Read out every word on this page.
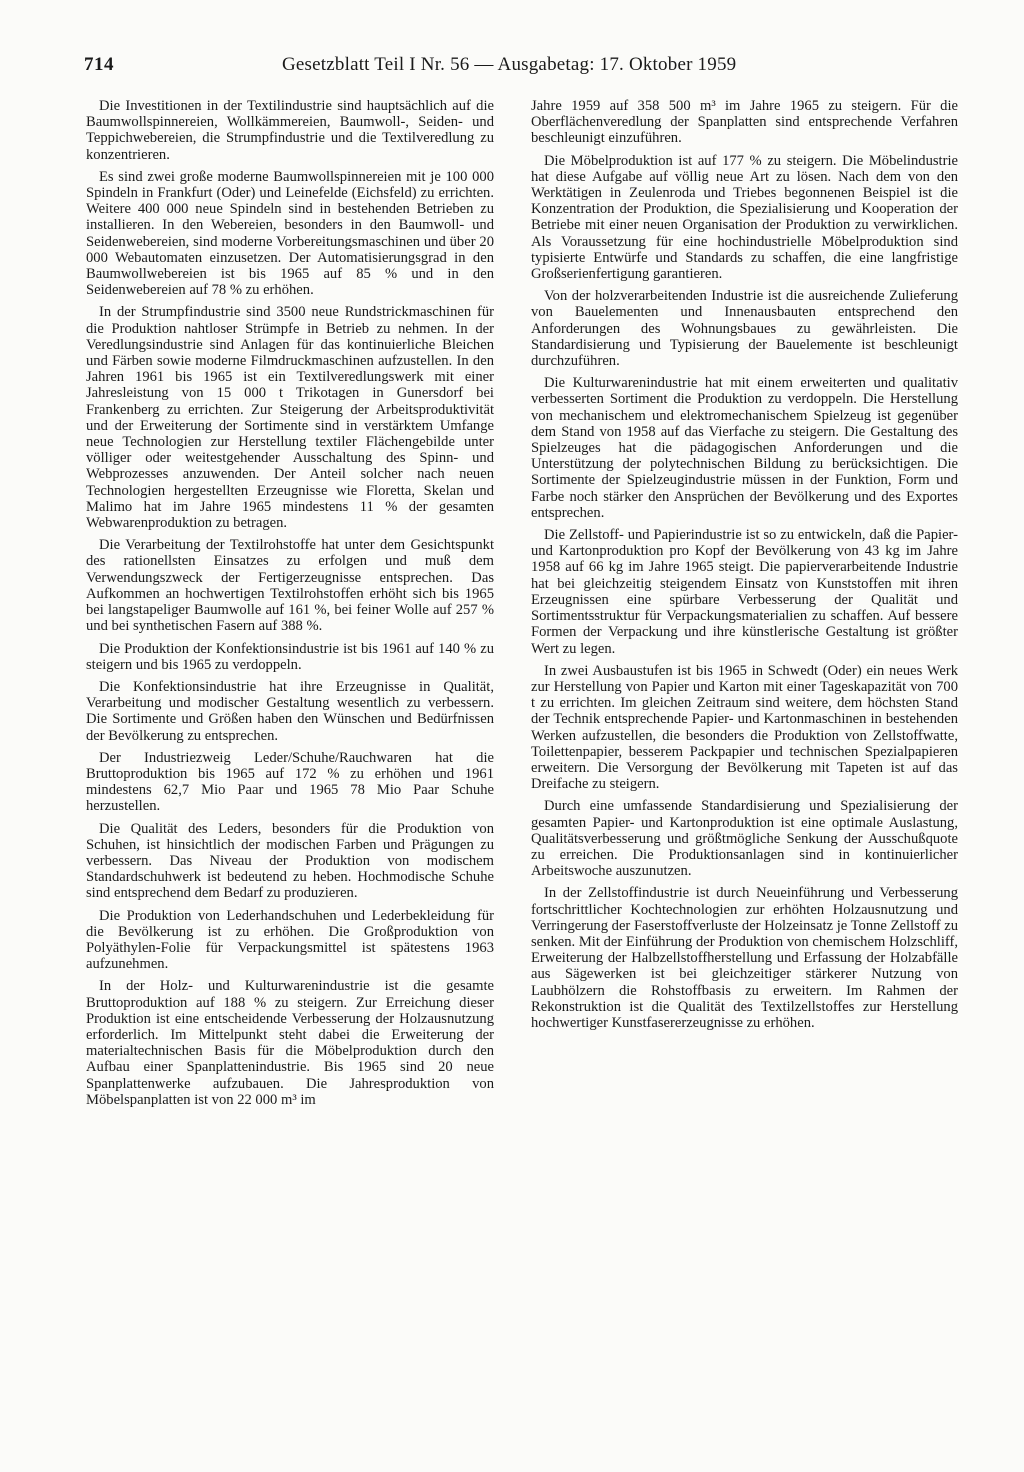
714	Gesetzblatt Teil I Nr. 56 — Ausgabetag: 17. Oktober 1959

Die Investitionen in der Textilindustrie sind hauptsächlich auf die Baumwollspinnereien, Wollkämmereien, Baumwoll-, Seiden- und Teppichwebereien, die Strumpfindustrie und die Textilveredlung zu konzentrieren.

Es sind zwei große moderne Baumwollspinnereien mit je 100 000 Spindeln in Frankfurt (Oder) und Leinefelde (Eichsfeld) zu errichten. Weitere 400 000 neue Spindeln sind in bestehenden Betrieben zu installieren. In den Webereien, besonders in den Baumwoll- und Seidenwebereien, sind moderne Vorbereitungsmaschinen und über 20 000 Webautomaten einzusetzen. Der Automatisierungsgrad in den Baumwollwebereien ist bis 1965 auf 85 % und in den Seidenwebereien auf 78 % zu erhöhen.

In der Strumpfindustrie sind 3500 neue Rundstrickmaschinen für die Produktion nahtloser Strümpfe in Betrieb zu nehmen. In der Veredlungsindustrie sind Anlagen für das kontinuierliche Bleichen und Färben sowie moderne Filmdruckmaschinen aufzustellen. In den Jahren 1961 bis 1965 ist ein Textilveredlungswerk mit einer Jahresleistung von 15 000 t Trikotagen in Gunersdorf bei Frankenberg zu errichten. Zur Steigerung der Arbeitsproduktivität und der Erweiterung der Sortimente sind in verstärktem Umfange neue Technologien zur Herstellung textiler Flächengebilde unter völliger oder weitestgehender Ausschaltung des Spinn- und Webprozesses anzuwenden. Der Anteil solcher nach neuen Technologien hergestellten Erzeugnisse wie Floretta, Skelan und Malimo hat im Jahre 1965 mindestens 11 % der gesamten Webwarenproduktion zu betragen.

Die Verarbeitung der Textilrohstoffe hat unter dem Gesichtspunkt des rationellsten Einsatzes zu erfolgen und muß dem Verwendungszweck der Fertigerzeugnisse entsprechen. Das Aufkommen an hochwertigen Textilrohstoffen erhöht sich bis 1965 bei langstapeliger Baumwolle auf 161 %, bei feiner Wolle auf 257 % und bei synthetischen Fasern auf 388 %.

Die Produktion der Konfektionsindustrie ist bis 1961 auf 140 % zu steigern und bis 1965 zu verdoppeln.

Die Konfektionsindustrie hat ihre Erzeugnisse in Qualität, Verarbeitung und modischer Gestaltung wesentlich zu verbessern. Die Sortimente und Größen haben den Wünschen und Bedürfnissen der Bevölkerung zu entsprechen.

Der Industriezweig Leder/Schuhe/Rauchwaren hat die Bruttoproduktion bis 1965 auf 172 % zu erhöhen und 1961 mindestens 62,7 Mio Paar und 1965 78 Mio Paar Schuhe herzustellen.

Die Qualität des Leders, besonders für die Produktion von Schuhen, ist hinsichtlich der modischen Farben und Prägungen zu verbessern. Das Niveau der Produktion von modischem Standardschuhwerk ist bedeutend zu heben. Hochmodische Schuhe sind entsprechend dem Bedarf zu produzieren.

Die Produktion von Lederhandschuhen und Lederbekleidung für die Bevölkerung ist zu erhöhen. Die Großproduktion von Polyäthylen-Folie für Verpackungsmittel ist spätestens 1963 aufzunehmen.

In der Holz- und Kulturwarenindustrie ist die gesamte Bruttoproduktion auf 188 % zu steigern. Zur Erreichung dieser Produktion ist eine entscheidende Verbesserung der Holzausnutzung erforderlich. Im Mittelpunkt steht dabei die Erweiterung der materialtechnischen Basis für die Möbelproduktion durch den Aufbau einer Spanplattenindustrie. Bis 1965 sind 20 neue Spanplattenwerke aufzubauen. Die Jahresproduktion von Möbelspanplatten ist von 22 000 m³ im

Jahre 1959 auf 358 500 m³ im Jahre 1965 zu steigern. Für die Oberflächenveredlung der Spanplatten sind entsprechende Verfahren beschleunigt einzuführen.

Die Möbelproduktion ist auf 177 % zu steigern. Die Möbelindustrie hat diese Aufgabe auf völlig neue Art zu lösen. Nach dem von den Werktätigen in Zeulenroda und Triebes begonnenen Beispiel ist die Konzentration der Produktion, die Spezialisierung und Kooperation der Betriebe mit einer neuen Organisation der Produktion zu verwirklichen. Als Voraussetzung für eine hochindustrielle Möbelproduktion sind typisierte Entwürfe und Standards zu schaffen, die eine langfristige Großserienfertigung garantieren.

Von der holzverarbeitenden Industrie ist die ausreichende Zulieferung von Bauelementen und Innenausbauten entsprechend den Anforderungen des Wohnungsbaues zu gewährleisten. Die Standardisierung und Typisierung der Bauelemente ist beschleunigt durchzuführen.

Die Kulturwarenindustrie hat mit einem erweiterten und qualitativ verbesserten Sortiment die Produktion zu verdoppeln. Die Herstellung von mechanischem und elektromechanischem Spielzeug ist gegenüber dem Stand von 1958 auf das Vierfache zu steigern. Die Gestaltung des Spielzeuges hat die pädagogischen Anforderungen und die Unterstützung der polytechnischen Bildung zu berücksichtigen. Die Sortimente der Spielzeugindustrie müssen in der Funktion, Form und Farbe noch stärker den Ansprüchen der Bevölkerung und des Exportes entsprechen.

Die Zellstoff- und Papierindustrie ist so zu entwickeln, daß die Papier- und Kartonproduktion pro Kopf der Bevölkerung von 43 kg im Jahre 1958 auf 66 kg im Jahre 1965 steigt. Die papierverarbeitende Industrie hat bei gleichzeitig steigendem Einsatz von Kunststoffen mit ihren Erzeugnissen eine spürbare Verbesserung der Qualität und Sortimentsstruktur für Verpackungsmaterialien zu schaffen. Auf bessere Formen der Verpackung und ihre künstlerische Gestaltung ist größter Wert zu legen.

In zwei Ausbaustufen ist bis 1965 in Schwedt (Oder) ein neues Werk zur Herstellung von Papier und Karton mit einer Tageskapazität von 700 t zu errichten. Im gleichen Zeitraum sind weitere, dem höchsten Stand der Technik entsprechende Papier- und Kartonmaschinen in bestehenden Werken aufzustellen, die besonders die Produktion von Zellstoffwatte, Toilettenpapier, besserem Packpapier und technischen Spezialpapieren erweitern. Die Versorgung der Bevölkerung mit Tapeten ist auf das Dreifache zu steigern.

Durch eine umfassende Standardisierung und Spezialisierung der gesamten Papier- und Kartonproduktion ist eine optimale Auslastung, Qualitätsverbesserung und größtmögliche Senkung der Ausschußquote zu erreichen. Die Produktionsanlagen sind in kontinuierlicher Arbeitswoche auszunutzen.

In der Zellstoffindustrie ist durch Neueinführung und Verbesserung fortschrittlicher Kochtechnologien zur erhöhten Holzausnutzung und Verringerung der Faserstoffverluste der Holzeinsatz je Tonne Zellstoff zu senken. Mit der Einführung der Produktion von chemischem Holzschliff, Erweiterung der Halbzellstoffherstellung und Erfassung der Holzabfälle aus Sägewerken ist bei gleichzeitiger stärkerer Nutzung von Laubhölzern die Rohstoffbasis zu erweitern. Im Rahmen der Rekonstruktion ist die Qualität des Textilzellstoffes zur Herstellung hochwertiger Kunstfasererzeugnisse zu erhöhen.
